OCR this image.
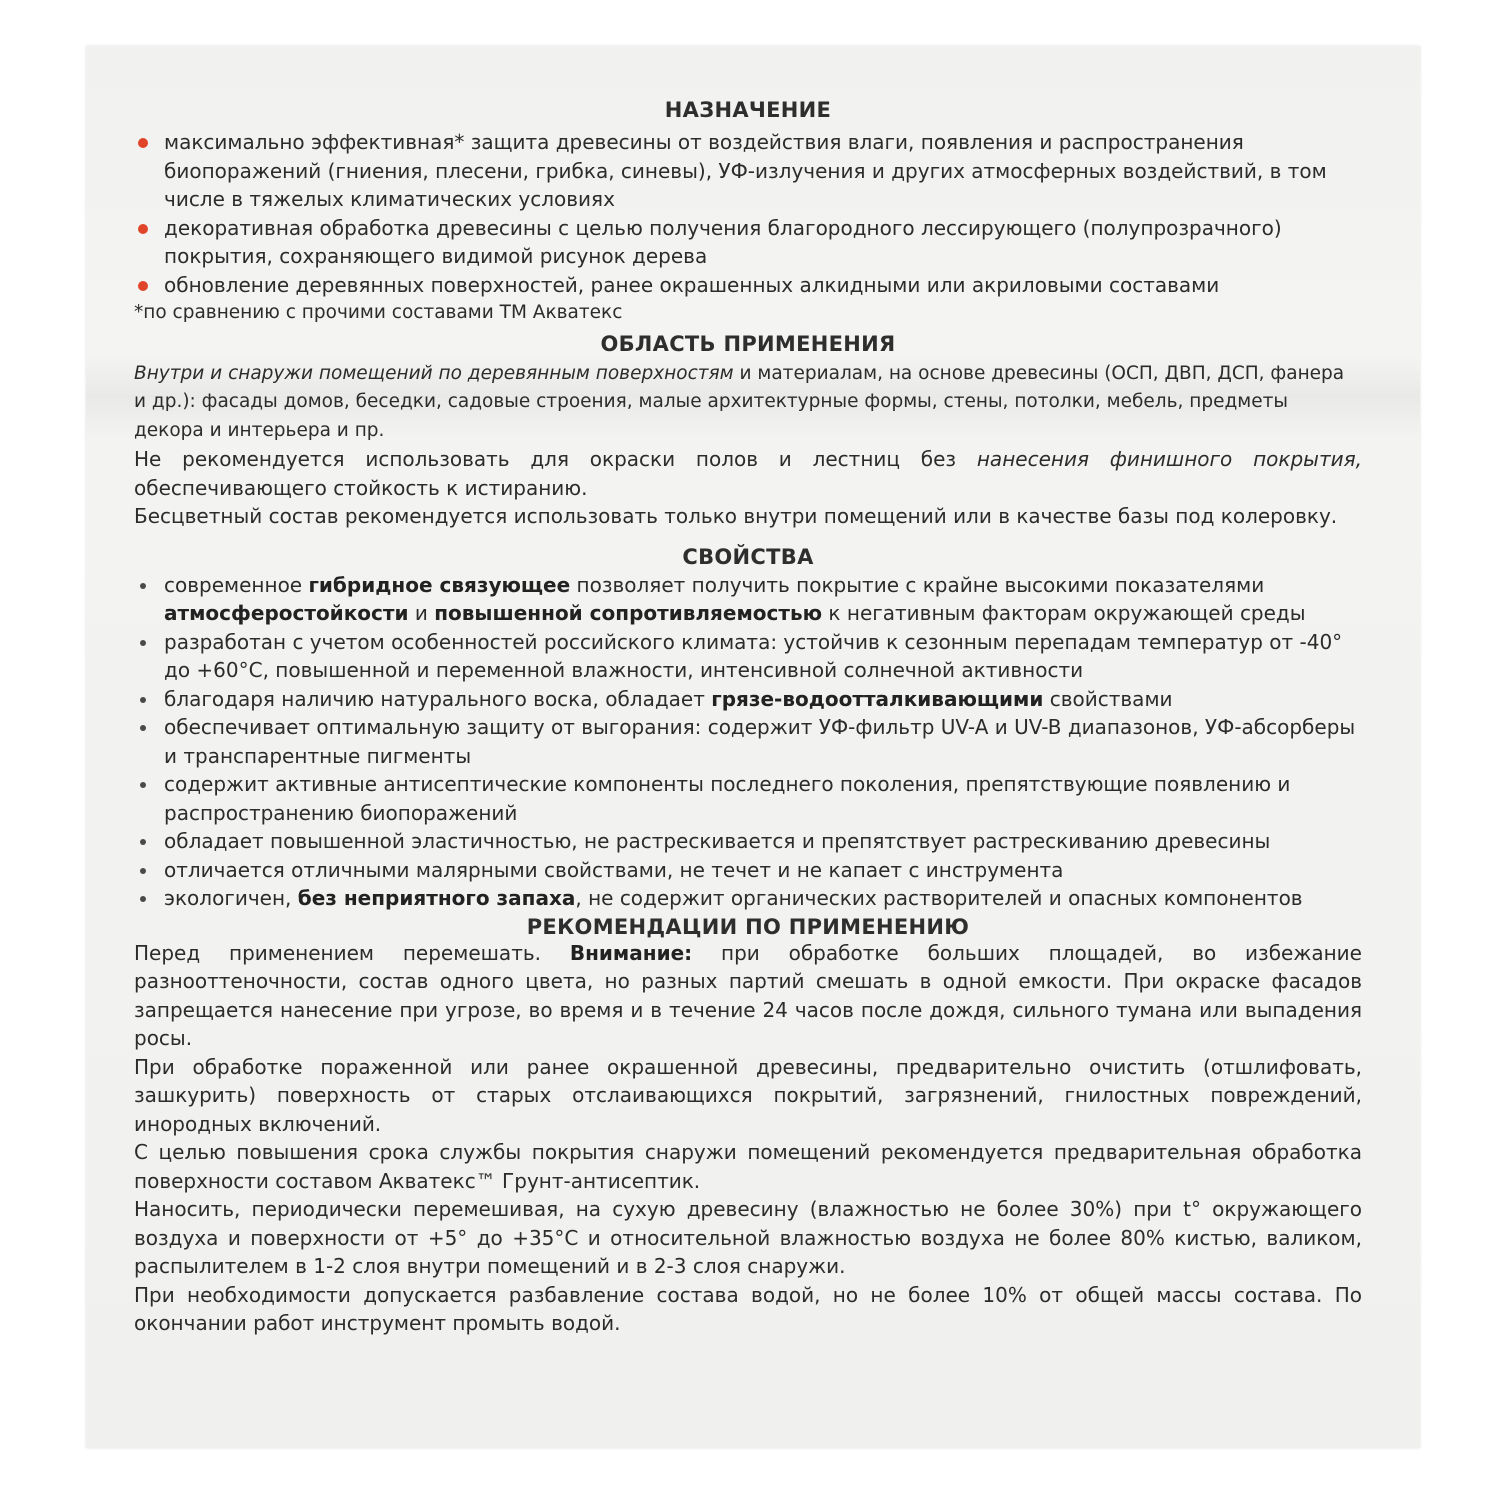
НАЗНАЧЕНИЕ
максимально эффективная* защита древесины от воздействия влаги, появления и распространения биопоражений (гниения, плесени, грибка, синевы), УФ-излучения и других атмосферных воздействий, в том числе в тяжелых климатических условиях
декоративная обработка древесины с целью получения благородного лессирующего (полупрозрачного) покрытия, сохраняющего видимой рисунок дерева
обновление деревянных поверхностей, ранее окрашенных алкидными или акриловыми составами

*по сравнению с прочими составами ТМ Акватекс

ОБЛАСТЬ ПРИМЕНЕНИЯ

Внутри и снаружи помещений по деревянным поверхностям и материалам, на основе древесины (ОСП, ДВП, ДСП, фанера и др.): фасады домов, беседки, садовые строения, малые архитектурные формы, стены, потолки, мебель, предметы декора и интерьера и пр.

Не рекомендуется использовать для окраски полов и лестниц без нанесения финишного покрытия, обеспечивающего стойкость к истиранию.

Бесцветный состав рекомендуется использовать только внутри помещений или в качестве базы под колеровку.

СВОЙСТВА
современное гибридное связующее позволяет получить покрытие с крайне высокими показателями атмосферостойкости и повышенной сопротивляемостью к негативным факторам окружающей среды
разработан с учетом особенностей российского климата: устойчив к сезонным перепадам температур от -40° до +60°С, повышенной и переменной влажности, интенсивной солнечной активности
благодаря наличию натурального воска, обладает грязе-водоотталкивающими свойствами
обеспечивает оптимальную защиту от выгорания: содержит УФ-фильтр UV-A и UV-B диапазонов, УФ-абсорберы и транспарентные пигменты
содержит активные антисептические компоненты последнего поколения, препятствующие появлению и распространению биопоражений
обладает повышенной эластичностью, не растрескивается и препятствует растрескиванию древесины
отличается отличными малярными свойствами, не течет и не капает с инструмента
экологичен, без неприятного запаха, не содержит органических растворителей и опасных компонентов
РЕКОМЕНДАЦИИ ПО ПРИМЕНЕНИЮ

Перед применением перемешать. Внимание: при обработке больших площадей, во избежание разнооттеночности, состав одного цвета, но разных партий смешать в одной емкости. При окраске фасадов запрещается нанесение при угрозе, во время и в течение 24 часов после дождя, сильного тумана или выпадения росы.

При обработке пораженной или ранее окрашенной древесины, предварительно очистить (отшлифовать, зашкурить) поверхность от старых отслаивающихся покрытий, загрязнений, гнилостных повреждений, инородных включений.

С целью повышения срока службы покрытия снаружи помещений рекомендуется предварительная обработка поверхности составом Акватекс™ Грунт-антисептик.

Наносить, периодически перемешивая, на сухую древесину (влажностью не более 30%) при t° окружающего воздуха и поверхности от +5° до +35°С и относительной влажностью воздуха не более 80% кистью, валиком, распылителем в 1-2 слоя внутри помещений и в 2-3 слоя снаружи.

При необходимости допускается разбавление состава водой, но не более 10% от общей массы состава. По окончании работ инструмент промыть водой.
